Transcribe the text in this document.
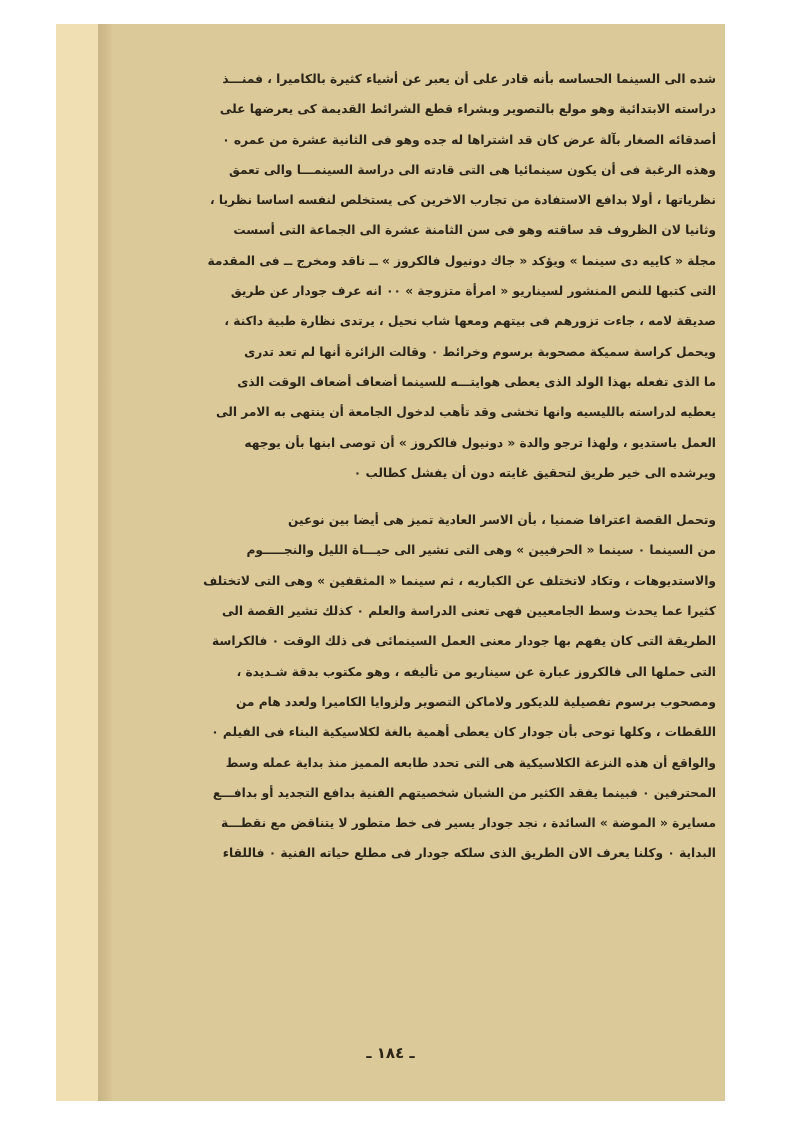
شده الى السينما الحساسه بأنه قادر على أن يعبر عن أشياء كثيرة بالكاميرا ، فمنـــذ

دراسته الابتدائية وهو مولع بالتصوير وبشراء قطع الشرائط القديمة كى يعرضها على

أصدقائه الصغار بآلة عرض كان قد اشتراها له جده وهو فى الثانية عشرة من عمره ٠

وهذه الرغبة فى أن يكون سينمائيا هى التى قادته الى دراسة السينمـــا والى تعمق

نظرياتها ، أولا بدافع الاستفادة من تجارب الاخرين كى يستخلص لنفسه اساسا نظريا ،

وثانيا لان الظروف قد ساقته وهو فى سن الثامنة عشرة الى الجماعة التى أسست

مجلة « كاييه دى سينما » ويؤكد « جاك دونيول فالكروز » ــ ناقد ومخرج ــ فى المقدمة

التى كتبها للنص المنشور لسيناريو « امرأة متزوجة » ٠٠ انه عرف جودار عن طريق

صديقة لامه ، جاءت تزورهم فى بيتهم ومعها شاب نحيل ، يرتدى نظارة طبية داكنة ،

ويحمل كراسة سميكة مصحوبة برسوم وخرائط ٠ وقالت الزائرة أنها لم تعد تدرى

ما الذى تفعله بهذا الولد الذى يعطى هوايتـــه للسينما أضعاف أضعاف الوقت الذى

يعطيه لدراسته بالليسيه وانها تخشى وقد تأهب لدخول الجامعة أن ينتهى به الامر الى

العمل باستديو ، ولهذا ترجو والدة « دونيول فالكروز » أن توصى ابنها بأن يوجهه

ويرشده الى خير طريق لتحقيق غايته دون أن يفشل كطالب ٠

وتحمل القصة اعترافا ضمنيا ، بأن الاسر العادية تميز هى أيضا بين نوعين

من السينما ٠ سينما « الحرفيين » وهى التى تشير الى حيـــاة الليل والنجـــــوم

والاستديوهات ، وتكاد لاتختلف عن الكباريه ، ثم سينما « المثقفين » وهى التى لاتختلف

كثيرا عما يحدث وسط الجامعيين فهى تعنى الدراسة والعلم ٠ كذلك تشير القصة الى

الطريقة التى كان يفهم بها جودار معنى العمل السينمائى فى ذلك الوقت ٠ فالكراسة

التى حملها الى فالكروز عبارة عن سيناريو من تأليفه ، وهو مكتوب بدقة شـديدة ،

ومصحوب برسوم تفصيلية للديكور ولاماكن التصوير ولزوايا الكاميرا ولعدد هام من

اللقطات ، وكلها توحى بأن جودار كان يعطى أهمية بالغة لكلاسيكية البناء فى الفيلم ٠

والواقع أن هذه النزعة الكلاسيكية هى التى تحدد طابعه المميز منذ بداية عمله وسط

المحترفين ٠ فبينما يفقد الكثير من الشبان شخصيتهم الفنية بدافع التجديد أو بدافـــع

مسايرة « الموضة » السائدة ، نجد جودار يسير فى خط متطور لا يتناقض مع نقطـــة

البداية ٠ وكلنا يعرف الان الطريق الذى سلكه جودار فى مطلع حياته الفنية ٠ فاللقاء

ـ ١٨٤ ـ
